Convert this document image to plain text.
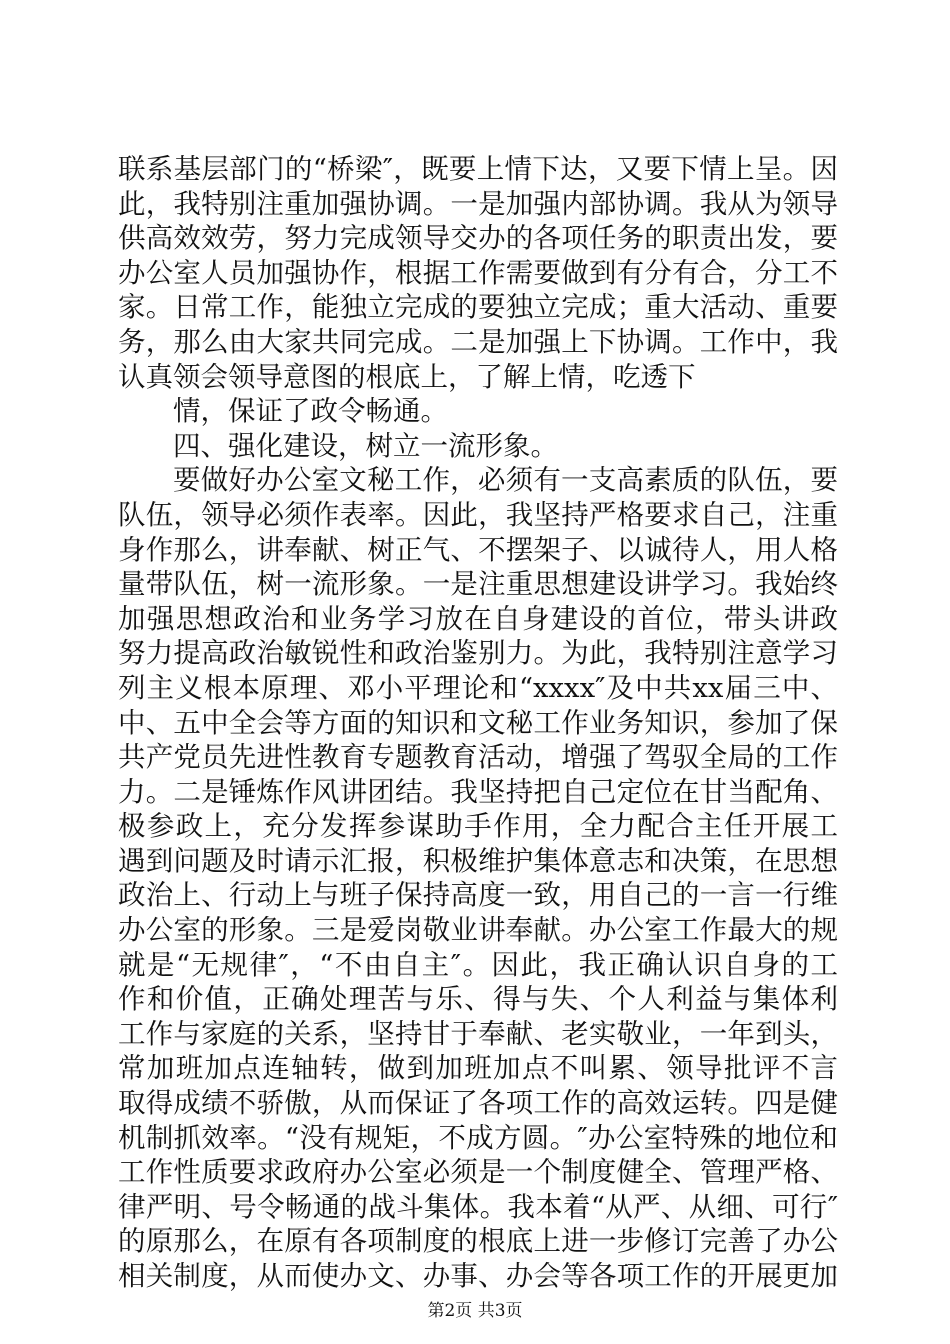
联系基层部门的“桥梁″，既要上情下达，又要下情上呈。因
此，我特别注重加强协调。一是加强内部协调。我从为领导
供高效效劳，努力完成领导交办的各项任务的职责出发，要
办公室人员加强协作，根据工作需要做到有分有合，分工不
家。日常工作，能独立完成的要独立完成；重大活动、重要
务，那么由大家共同完成。二是加强上下协调。工作中，我
认真领会领导意图的根底上，了解上情，吃透下
情，保证了政令畅通。
四、强化建设，树立一流形象。
要做好办公室文秘工作，必须有一支高素质的队伍，要
队伍，领导必须作表率。因此，我坚持严格要求自己，注重
身作那么，讲奉献、树正气、不摆架子、以诚待人，用人格
量带队伍，树一流形象。一是注重思想建设讲学习。我始终
加强思想政治和业务学习放在自身建设的首位，带头讲政
努力提高政治敏锐性和政治鉴别力。为此，我特别注意学习
列主义根本原理、邓小平理论和“xxxx″及中共xx届三中、
中、五中全会等方面的知识和文秘工作业务知识，参加了保
共产党员先进性教育专题教育活动，增强了驾驭全局的工作
力。二是锤炼作风讲团结。我坚持把自己定位在甘当配角、
极参政上，充分发挥参谋助手作用，全力配合主任开展工
遇到问题及时请示汇报，积极维护集体意志和决策，在思想
政治上、行动上与班子保持高度一致，用自己的一言一行维
办公室的形象。三是爱岗敬业讲奉献。办公室工作最大的规
就是“无规律″，“不由自主″。因此，我正确认识自身的工
作和价值，正确处理苦与乐、得与失、个人利益与集体利
工作与家庭的关系，坚持甘于奉献、老实敬业，一年到头，
常加班加点连轴转，做到加班加点不叫累、领导批评不言
取得成绩不骄傲，从而保证了各项工作的高效运转。四是健
机制抓效率。“没有规矩，不成方圆。″办公室特殊的地位和
工作性质要求政府办公室必须是一个制度健全、管理严格、
律严明、号令畅通的战斗集体。我本着“从严、从细、可行″
的原那么，在原有各项制度的根底上进一步修订完善了办公
相关制度，从而使办文、办事、办会等各项工作的开展更加
第2页 共3页
